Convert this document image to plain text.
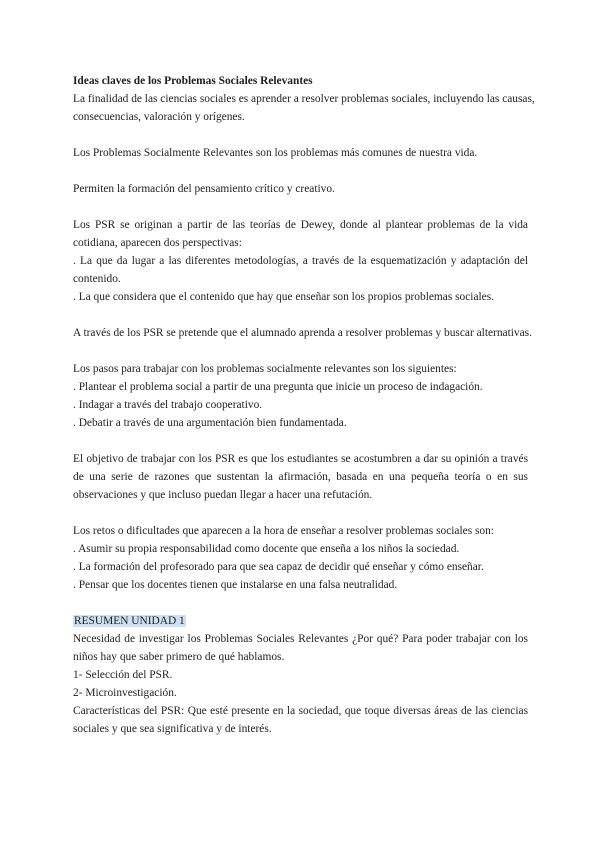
Ideas claves de los Problemas Sociales Relevantes
La finalidad de las ciencias sociales es aprender a resolver problemas sociales, incluyendo las causas,
consecuencias, valoración y orígenes.
Los Problemas Socialmente Relevantes son los problemas más comunes de nuestra vida.
Permiten la formación del pensamiento crítico y creativo.
Los PSR se originan a partir de las teorías de Dewey, donde al plantear problemas de la vida
cotidiana, aparecen dos perspectivas:
. La que da lugar a las diferentes metodologías, a través de la esquematización y adaptación del
contenido.
. La que considera que el contenido que hay que enseñar son los propios problemas sociales.
A través de los PSR se pretende que el alumnado aprenda a resolver problemas y buscar alternativas.
Los pasos para trabajar con los problemas socialmente relevantes son los siguientes:
. Plantear el problema social a partir de una pregunta que inicie un proceso de indagación.
. Indagar a través del trabajo cooperativo.
. Debatir a través de una argumentación bien fundamentada.
El objetivo de trabajar con los PSR es que los estudiantes se acostumbren a dar su opinión a través
de una serie de razones que sustentan la afirmación, basada en una pequeña teoría o en sus
observaciones y que incluso puedan llegar a hacer una refutación.
Los retos o dificultades que aparecen a la hora de enseñar a resolver problemas sociales son:
. Asumir su propia responsabilidad como docente que enseña a los niños la sociedad.
. La formación del profesorado para que sea capaz de decidir qué enseñar y cómo enseñar.
. Pensar que los docentes tienen que instalarse en una falsa neutralidad.
RESUMEN UNIDAD 1
Necesidad de investigar los Problemas Sociales Relevantes ¿Por qué? Para poder trabajar con los
niños hay que saber primero de qué hablamos.
1- Selección del PSR.
2- Microinvestigación.
Características del PSR: Que esté presente en la sociedad, que toque diversas áreas de las ciencias
sociales y que sea significativa y de interés.
